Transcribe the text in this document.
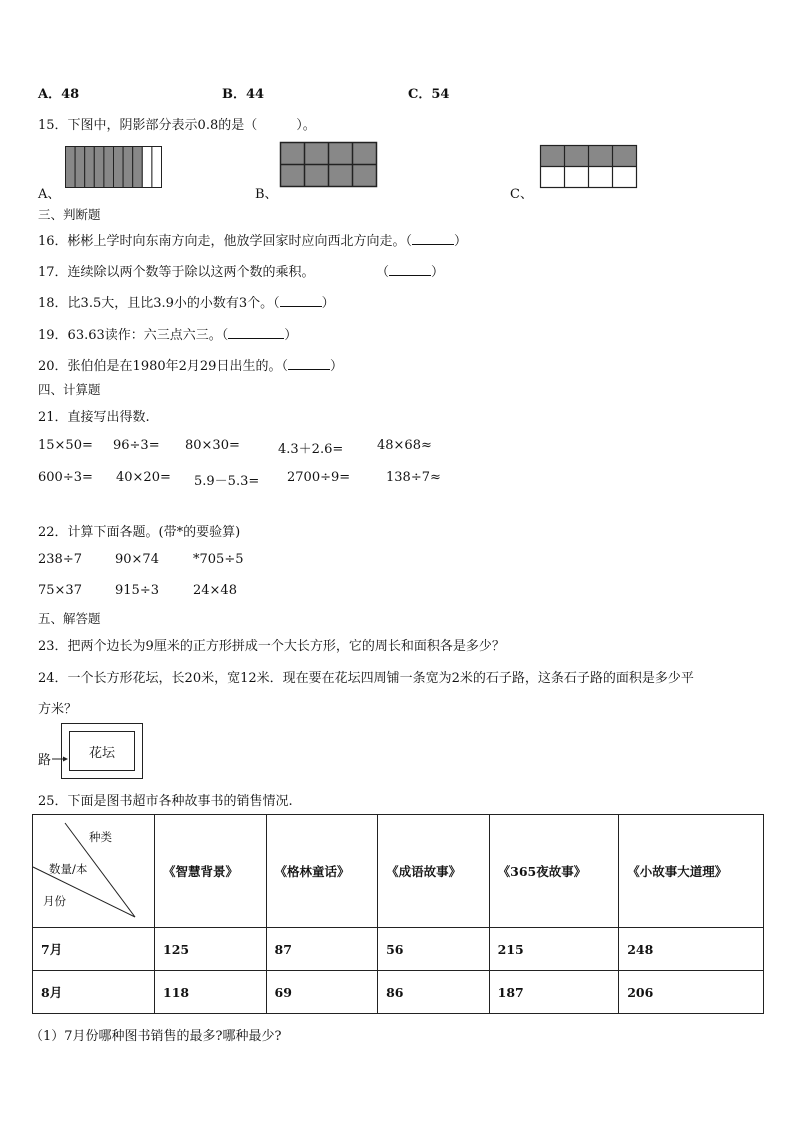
A．48	B．44	C．54
15．下图中，阴影部分表示0.8的是（　　　）。
A、	B、	C、
三、判断题
16．彬彬上学时向东南方向走，他放学回家时应向西北方向走。（	）
17．连续除以两个数等于除以这两个数的乘积。	（	）
18．比3.5大，且比3.9小的小数有3个。（	）
19．63.63读作：六三点六三。（	）
20．张伯伯是在1980年2月29日出生的。（	）
四、计算题
21．直接写出得数.
15×50= 96÷3= 80×30=	4.3＋2.6=	48×68≈
600÷3= 40×20= 5.9－5.3= 2700÷9=	138÷7≈
22．计算下面各题。(带*的要验算)
238÷7	90×74	*705÷5
75×37	915÷3	24×48
五、解答题
23．把两个边长为9厘米的正方形拼成一个大长方形，它的周长和面积各是多少？
24．一个长方形花坛，长20米，宽12米．现在要在花坛四周铺一条宽为2米的石子路，这条石子路的面积是多少平
方米？
花坛
路
25．下面是图书超市各种故事书的销售情况.
种类
数量/本
月份	《智慧背景》	《格林童话》	《成语故事》	《365夜故事》	《小故事大道理》
7月	125	87	56	215	248
8月	118	69	86	187	206
（1）7月份哪种图书销售的最多?哪种最少?
